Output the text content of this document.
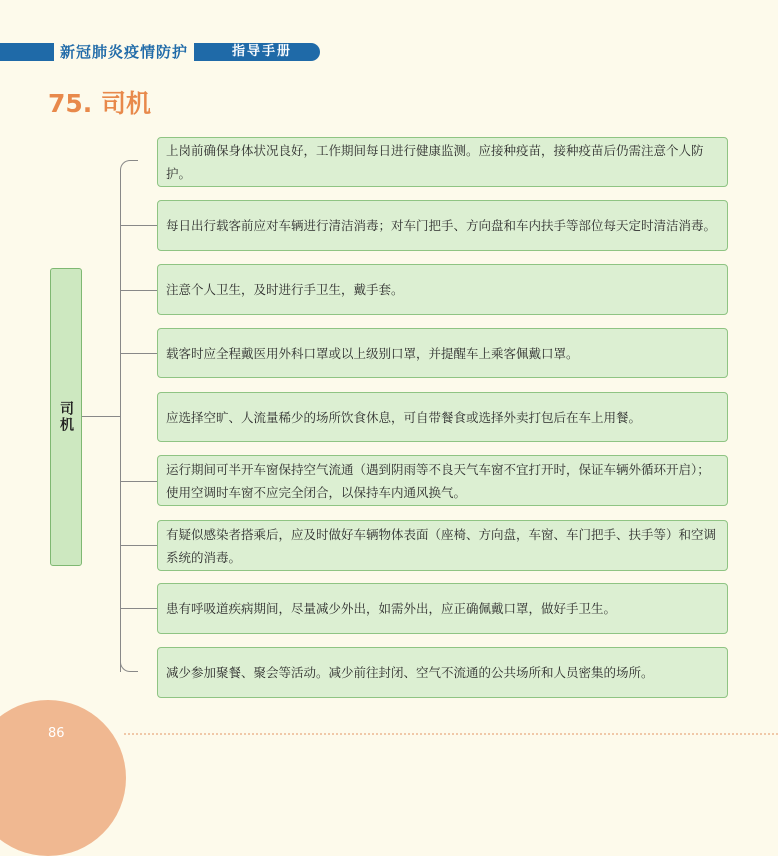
新冠肺炎疫情防护	指导手册
75. 司机
司机
上岗前确保身体状况良好，工作期间每日进行健康监测。应接种疫苗，接种疫苗后仍需注意个人防护。
每日出行载客前应对车辆进行清洁消毒；对车门把手、方向盘和车内扶手等部位每天定时清洁消毒。
注意个人卫生，及时进行手卫生，戴手套。
载客时应全程戴医用外科口罩或以上级别口罩，并提醒车上乘客佩戴口罩。
应选择空旷、人流量稀少的场所饮食休息，可自带餐食或选择外卖打包后在车上用餐。
运行期间可半开车窗保持空气流通（遇到阴雨等不良天气车窗不宜打开时，保证车辆外循环开启）；使用空调时车窗不应完全闭合，以保持车内通风换气。
有疑似感染者搭乘后，应及时做好车辆物体表面（座椅、方向盘，车窗、车门把手、扶手等）和空调系统的消毒。
患有呼吸道疾病期间，尽量减少外出，如需外出，应正确佩戴口罩，做好手卫生。
减少参加聚餐、聚会等活动。减少前往封闭、空气不流通的公共场所和人员密集的场所。
86
